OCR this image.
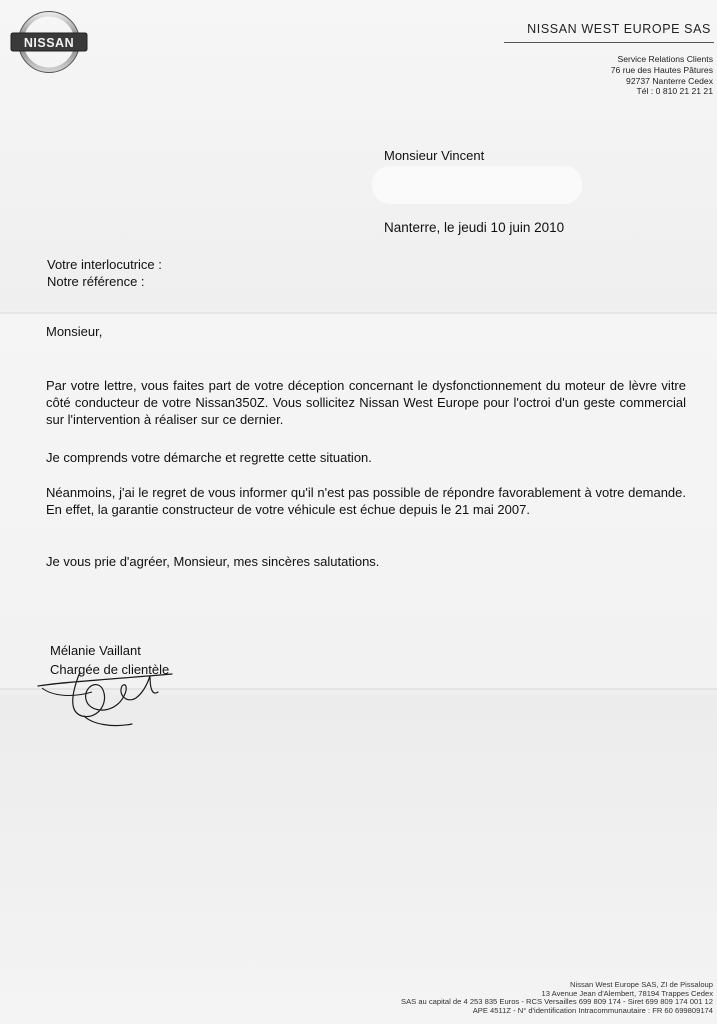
NISSAN
NISSAN WEST EUROPE SAS
Service Relations Clients
76 rue des Hautes Pâtures
92737 Nanterre Cedex
Tél : 0 810 21 21 21
Monsieur Vincent
Nanterre, le jeudi 10 juin 2010
Votre interlocutrice :
Notre référence :
Monsieur,

Par votre lettre, vous faites part de votre déception concernant le dysfonctionnement du moteur de lèvre vitre côté conducteur de votre Nissan350Z. Vous sollicitez Nissan West Europe pour l'octroi d'un geste commercial sur l'intervention à réaliser sur ce dernier.

Je comprends votre démarche et regrette cette situation.

Néanmoins, j'ai le regret de vous informer qu'il n'est pas possible de répondre favorablement à votre demande. En effet, la garantie constructeur de votre véhicule est échue depuis le 21 mai 2007.

Je vous prie d'agréer, Monsieur, mes sincères salutations.

Mélanie Vaillant
Chargée de clientèle
Nissan West Europe SAS, ZI de Pissaloup
13 Avenue Jean d'Alembert, 78194 Trappes Cedex
SAS au capital de 4 253 835 Euros - RCS Versailles 699 809 174 - Siret 699 809 174 001 12
APE 4511Z - N° d'identification Intracommunautaire : FR 60 699809174
